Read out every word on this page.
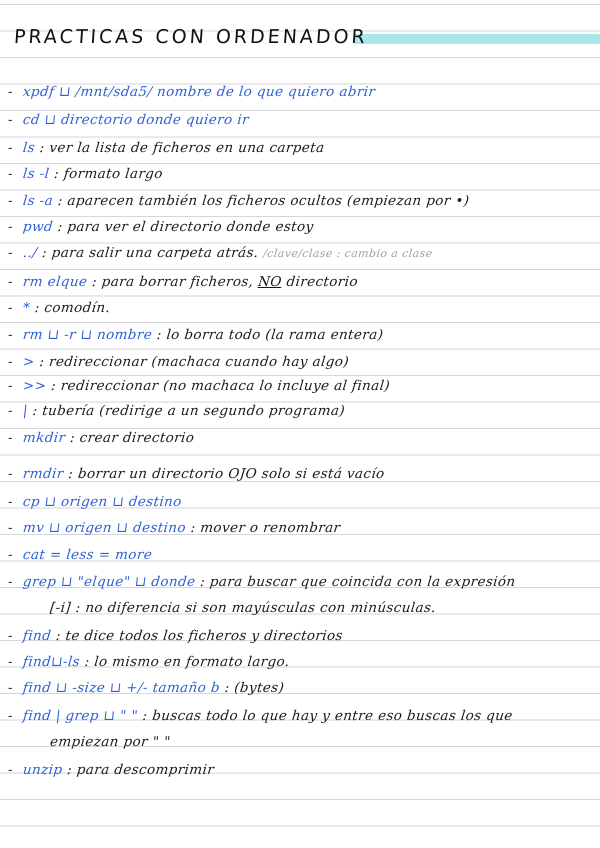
PRACTICAS CON ORDENADOR
- xpdf ⊔ /mnt/sda5/ nombre de lo que quiero abrir
- cd ⊔ directorio donde quiero ir
- ls : ver la lista de ficheros en una carpeta
- ls -l : formato largo
- ls -a : aparecen también los ficheros ocultos (empiezan por •)
- pwd : para ver el directorio donde estoy
- ../ : para salir una carpeta atrás. /clave/clase : cambio a clase
- rm elque : para borrar ficheros, NO directorio
- * : comodín.
- rm ⊔ -r ⊔ nombre : lo borra todo (la rama entera)
- > : redireccionar (machaca cuando hay algo)
- >> : redireccionar (no machaca lo incluye al final)
- | : tubería (redirige a un segundo programa)
- mkdir : crear directorio
- rmdir : borrar un directorio OJO solo si está vacío
- cp ⊔ origen ⊔ destino
- mv ⊔ origen ⊔ destino : mover o renombrar
- cat = less = more
- grep ⊔ "elque" ⊔ donde : para buscar que coincida con la expresión
[-i] : no diferencia si son mayúsculas con minúsculas.
- find : te dice todos los ficheros y directorios
- find⊔-ls : lo mismo en formato largo.
- find ⊔ -size ⊔ +/- tamaño b : (bytes)
- find | grep ⊔ " " : buscas todo lo que hay y entre eso buscas los que
empiezan por " "
- unzip : para descomprimir
